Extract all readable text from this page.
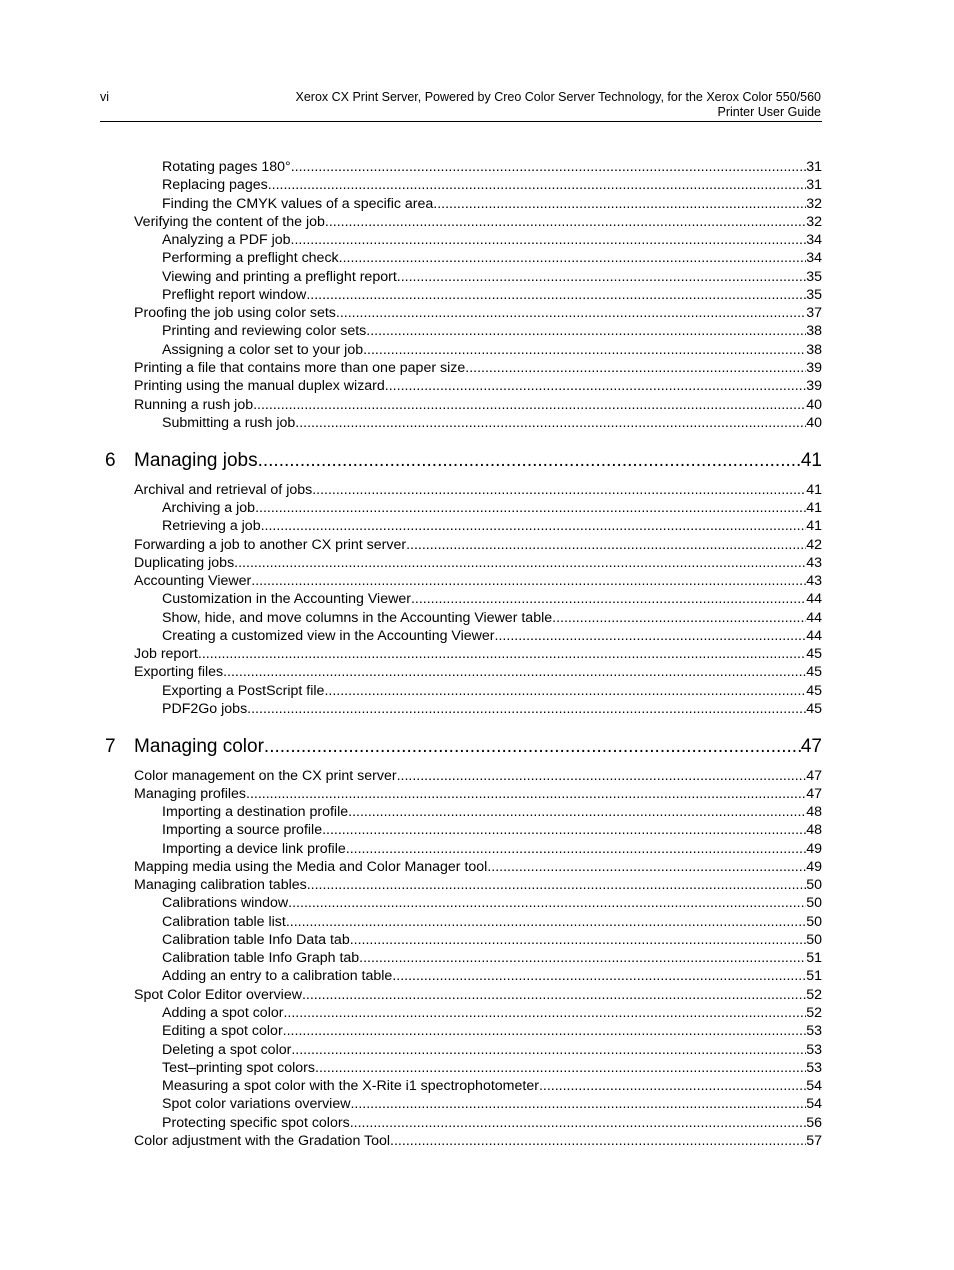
vi	Xerox CX Print Server, Powered by Creo Color Server Technology, for the Xerox Color 550/560
Printer User Guide
Rotating pages 180° .....	31
Replacing pages .....	31
Finding the CMYK values of a specific area .....	32
Verifying the content of the job .....	32
Analyzing a PDF job .....	34
Performing a preflight check .....	34
Viewing and printing a preflight report .....	35
Preflight report window .....	35
Proofing the job using color sets .....	37
Printing and reviewing color sets .....	38
Assigning a color set to your job .....	38
Printing a file that contains more than one paper size .....	39
Printing using the manual duplex wizard .....	39
Running a rush job .....	40
Submitting a rush job .....	40
6 Managing jobs .....	41
Archival and retrieval of jobs .....	41
Archiving a job .....	41
Retrieving a job .....	41
Forwarding a job to another CX print server .....	42
Duplicating jobs .....	43
Accounting Viewer .....	43
Customization in the Accounting Viewer .....	44
Show, hide, and move columns in the Accounting Viewer table .....	44
Creating a customized view in the Accounting Viewer .....	44
Job report .....	45
Exporting files .....	45
Exporting a PostScript file .....	45
PDF2Go jobs .....	45
7 Managing color .....	47
Color management on the CX print server .....	47
Managing profiles .....	47
Importing a destination profile .....	48
Importing a source profile .....	48
Importing a device link profile .....	49
Mapping media using the Media and Color Manager tool .....	49
Managing calibration tables .....	50
Calibrations window .....	50
Calibration table list .....	50
Calibration table Info Data tab .....	50
Calibration table Info Graph tab .....	51
Adding an entry to a calibration table .....	51
Spot Color Editor overview .....	52
Adding a spot color .....	52
Editing a spot color .....	53
Deleting a spot color .....	53
Test–printing spot colors .....	53
Measuring a spot color with the X-Rite i1 spectrophotometer .....	54
Spot color variations overview .....	54
Protecting specific spot colors .....	56
Color adjustment with the Gradation Tool .....	57
